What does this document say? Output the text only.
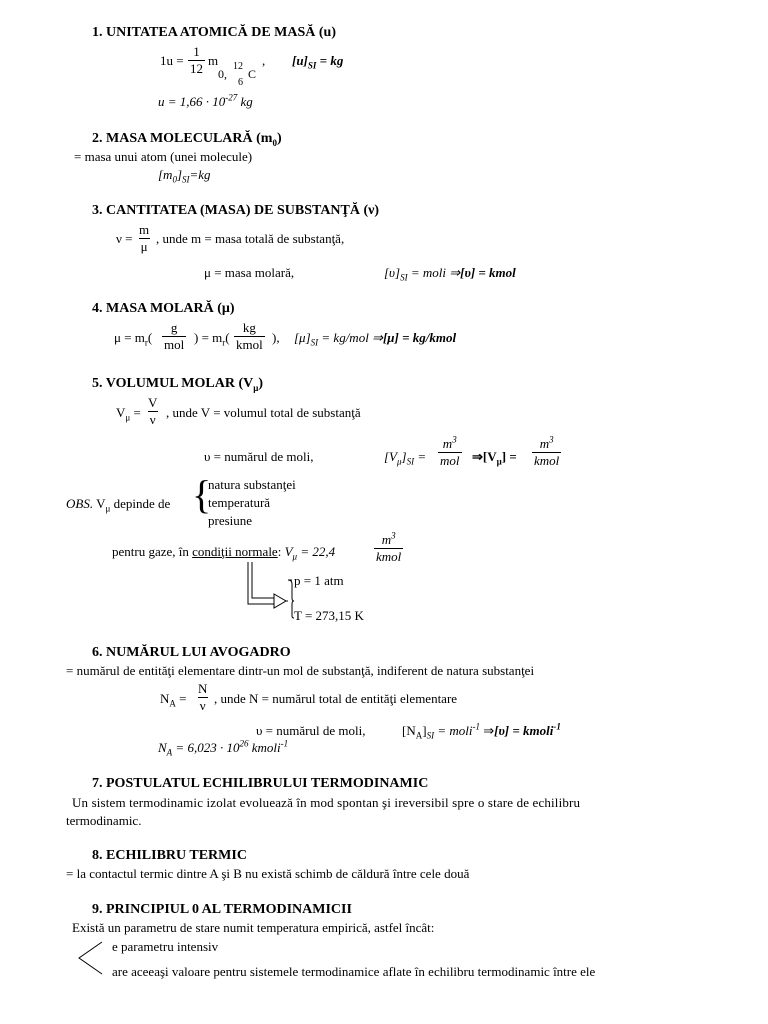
1. UNITATEA ATOMICĂ DE MASĂ (u)
$1u = \frac{1}{12}$ m
0,
12
6
C
, $[u]_{SI}$ = kg
$u = 1,66 \cdot 10^{-27}$ kg
2. MASA MOLECULARĂ $(m_0)$
= masa unui atom (unei molecule)
$[m_0]_{SI}=kg$
3. CANTITATEA (MASA) DE SUBSTANŢĂ (ν)
$\nu = \frac{m}{\mu}$ , unde m = masa totală de substanţă,
μ = masa molară,	$[\upsilon]_{SI}$ = moli ⇒[υ] = kmol
4. MASA MOLARĂ (μ)
$\mu = m_r$(
g
mol ) = $m_r$(
kg
kmol ), $[\mu]_{SI} = kg/mol$ ⇒[μ] = kg/kmol
5. VOLUMUL MOLAR $(V_\mu)$
$V_\mu = \frac{V}{\nu}$ , unde V = volumul total de substanţă
υ = numărul de moli,	$[V_\mu]_{SI}$ =
$m^3$
mol $\Rightarrow[V_\mu]$ =
$m^3$
kmol
OBS. $V_\mu$ depinde de {
natura substanţei
temperatură
presiune
pentru gaze, în condiţii normale: $V_\mu = 22,4$
$m^3$
kmol
p = 1 atm
T = 273,15 K
6. NUMĂRUL LUI AVOGADRO
= numărul de entităţi elementare dintr-un mol de substanţă, indiferent de natura substanţei
$N_A = \frac{N}{\nu}$ , unde N = numărul total de entităţi elementare
υ = numărul de moli,	$[N_A]_{SI}$ = moli$^{-1}$ ⇒[υ] = kmoli$^{-1}$
$N_A = 6,023 \cdot 10^{26}$ kmoli$^{-1}$
7. POSTULATUL ECHILIBRULUI TERMODINAMIC
Un sistem termodinamic izolat evoluează în mod spontan şi ireversibil spre o stare de echilibru
termodinamic.
8. ECHILIBRU TERMIC
= la contactul termic dintre A şi B nu există schimb de căldură între cele două
9. PRINCIPIUL 0 AL TERMODINAMICII
Există un parametru de stare numit temperatura empirică, astfel încât:
e parametru intensiv
are aceeaşi valoare pentru sistemele termodinamice aflate în echilibru termodinamic între ele
